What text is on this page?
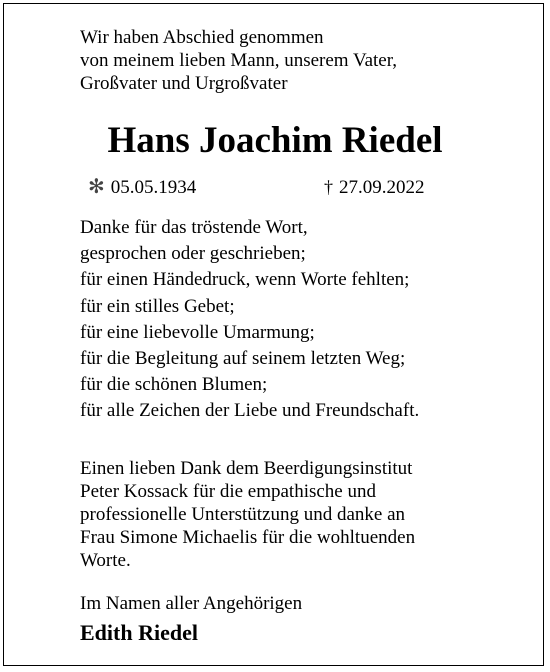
Wir haben Abschied genommen
von meinem lieben Mann, unserem Vater,
Großvater und Urgroßvater
Hans Joachim Riedel
✻ 05.05.1934	† 27.09.2022
Danke für das tröstende Wort,
gesprochen oder geschrieben;
für einen Händedruck, wenn Worte fehlten;
für ein stilles Gebet;
für eine liebevolle Umarmung;
für die Begleitung auf seinem letzten Weg;
für die schönen Blumen;
für alle Zeichen der Liebe und Freundschaft.
Einen lieben Dank dem Beerdigungsinstitut
Peter Kossack für die empathische und
professionelle Unterstützung und danke an
Frau Simone Michaelis für die wohltuenden
Worte.
Im Namen aller Angehörigen
Edith Riedel
